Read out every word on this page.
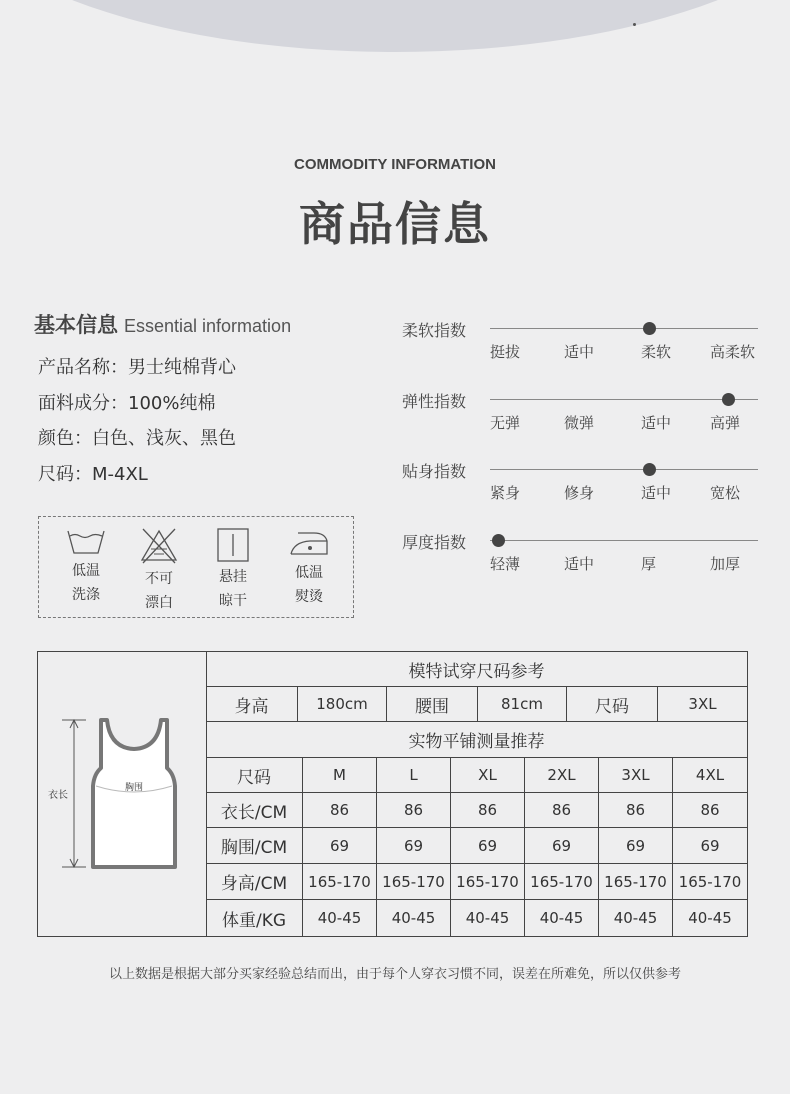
COMMODITY INFORMATION
商品信息
基本信息 Essential information
产品名称：男士纯棉背心
面料成分：100%纯棉
颜色：白色、浅灰、黑色
尺码：M-4XL
低温
洗涤
不可
漂白
悬挂
晾干
低温
熨烫
柔软指数
挺拔	适中	柔软	高柔软
弹性指数
无弹	微弹	适中	高弹
贴身指数
紧身	修身	适中	宽松
厚度指数
轻薄	适中	厚	加厚
衣长
胸围
模特试穿尺码参考
身高	180cm	腰围	81cm	尺码	3XL
实物平铺测量推荐
尺码	M	L	XL	2XL	3XL	4XL
衣长/CM	86	86	86	86	86	86
胸围/CM	69	69	69	69	69	69
身高/CM	165-170 165-170 165-170 165-170 165-170 165-170
体重/KG	40-45	40-45	40-45	40-45	40-45	40-45
以上数据是根据大部分买家经验总结而出，由于每个人穿衣习惯不同，误差在所难免，所以仅供参考
